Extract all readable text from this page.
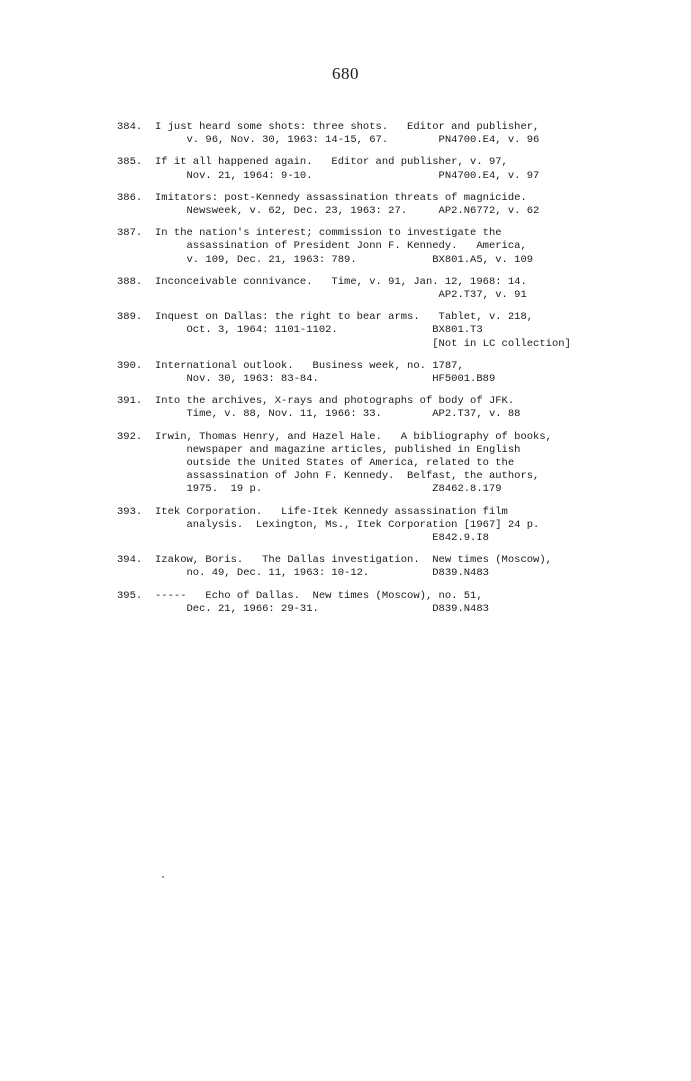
680
384. I just heard some shots: three shots.   Editor and publisher,
v. 96, Nov. 30, 1963: 14-15, 67.        PN4700.E4, v. 96
385. If it all happened again.   Editor and publisher, v. 97,
Nov. 21, 1964: 9-10.                    PN4700.E4, v. 97
386. Imitators: post-Kennedy assassination threats of magnicide.
Newsweek, v. 62, Dec. 23, 1963: 27.     AP2.N6772, v. 62
387. In the nation's interest; commission to investigate the
assassination of President Jonn F. Kennedy.   America,
v. 109, Dec. 21, 1963: 789.            BX801.A5, v. 109
388. Inconceivable connivance.   Time, v. 91, Jan. 12, 1968: 14.
AP2.T37, v. 91
389. Inquest on Dallas: the right to bear arms.   Tablet, v. 218,
Oct. 3, 1964: 1101-1102.               BX801.T3
[Not in LC collection]
390. International outlook.   Business week, no. 1787,
Nov. 30, 1963: 83-84.                  HF5001.B89
391. Into the archives, X-rays and photographs of body of JFK.
Time, v. 88, Nov. 11, 1966: 33.        AP2.T37, v. 88
392. Irwin, Thomas Henry, and Hazel Hale.   A bibliography of books,
newspaper and magazine articles, published in English
outside the United States of America, related to the
assassination of John F. Kennedy.  Belfast, the authors,
1975.  19 p.                           Z8462.8.179
393. Itek Corporation.   Life-Itek Kennedy assassination film
analysis.  Lexington, Ms., Itek Corporation [1967] 24 p.
E842.9.I8
394. Izakow, Boris.   The Dallas investigation.  New times (Moscow),
no. 49, Dec. 11, 1963: 10-12.          D839.N483
395. -----   Echo of Dallas.  New times (Moscow), no. 51,
Dec. 21, 1966: 29-31.                  D839.N483
